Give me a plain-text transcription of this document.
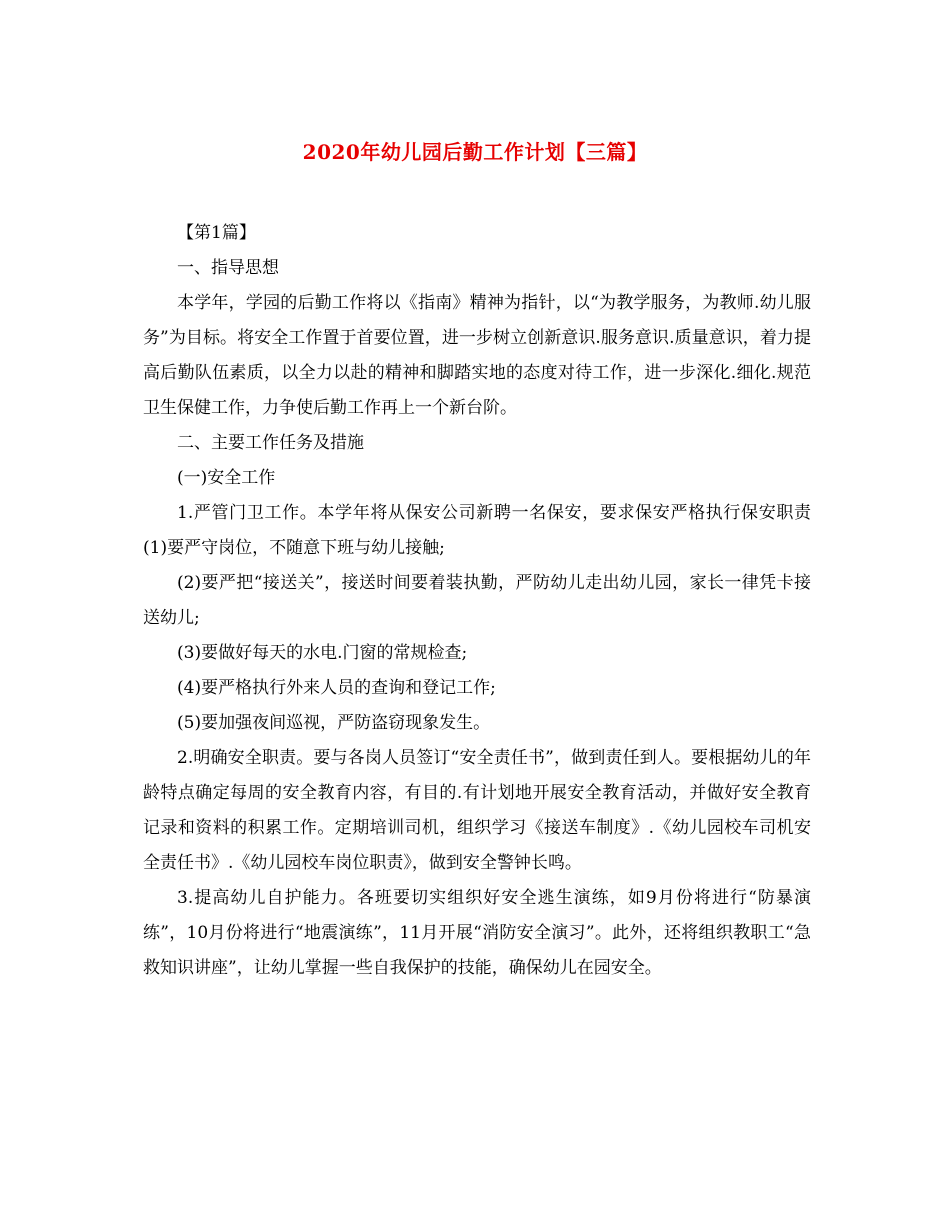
2020年幼儿园后勤工作计划【三篇】

【第1篇】

一、指导思想

本学年，学园的后勤工作将以《指南》精神为指针，以“为教学服务，为教师.幼儿服务”为目标。将安全工作置于首要位置，进一步树立创新意识.服务意识.质量意识，着力提高后勤队伍素质，以全力以赴的精神和脚踏实地的态度对待工作，进一步深化.细化.规范卫生保健工作，力争使后勤工作再上一个新台阶。

二、主要工作任务及措施

(一)安全工作

1.严管门卫工作。本学年将从保安公司新聘一名保安，要求保安严格执行保安职责(1)要严守岗位，不随意下班与幼儿接触;

(2)要严把“接送关”，接送时间要着装执勤，严防幼儿走出幼儿园，家长一律凭卡接送幼儿;

(3)要做好每天的水电.门窗的常规检查;

(4)要严格执行外来人员的查询和登记工作;

(5)要加强夜间巡视，严防盗窃现象发生。

2.明确安全职责。要与各岗人员签订“安全责任书”，做到责任到人。要根据幼儿的年龄特点确定每周的安全教育内容，有目的.有计划地开展安全教育活动，并做好安全教育记录和资料的积累工作。定期培训司机，组织学习《接送车制度》.《幼儿园校车司机安全责任书》.《幼儿园校车岗位职责》，做到安全警钟长鸣。

3.提高幼儿自护能力。各班要切实组织好安全逃生演练，如9月份将进行“防暴演练”，10月份将进行“地震演练”，11月开展“消防安全演习”。此外，还将组织教职工“急救知识讲座”，让幼儿掌握一些自我保护的技能，确保幼儿在园安全。
